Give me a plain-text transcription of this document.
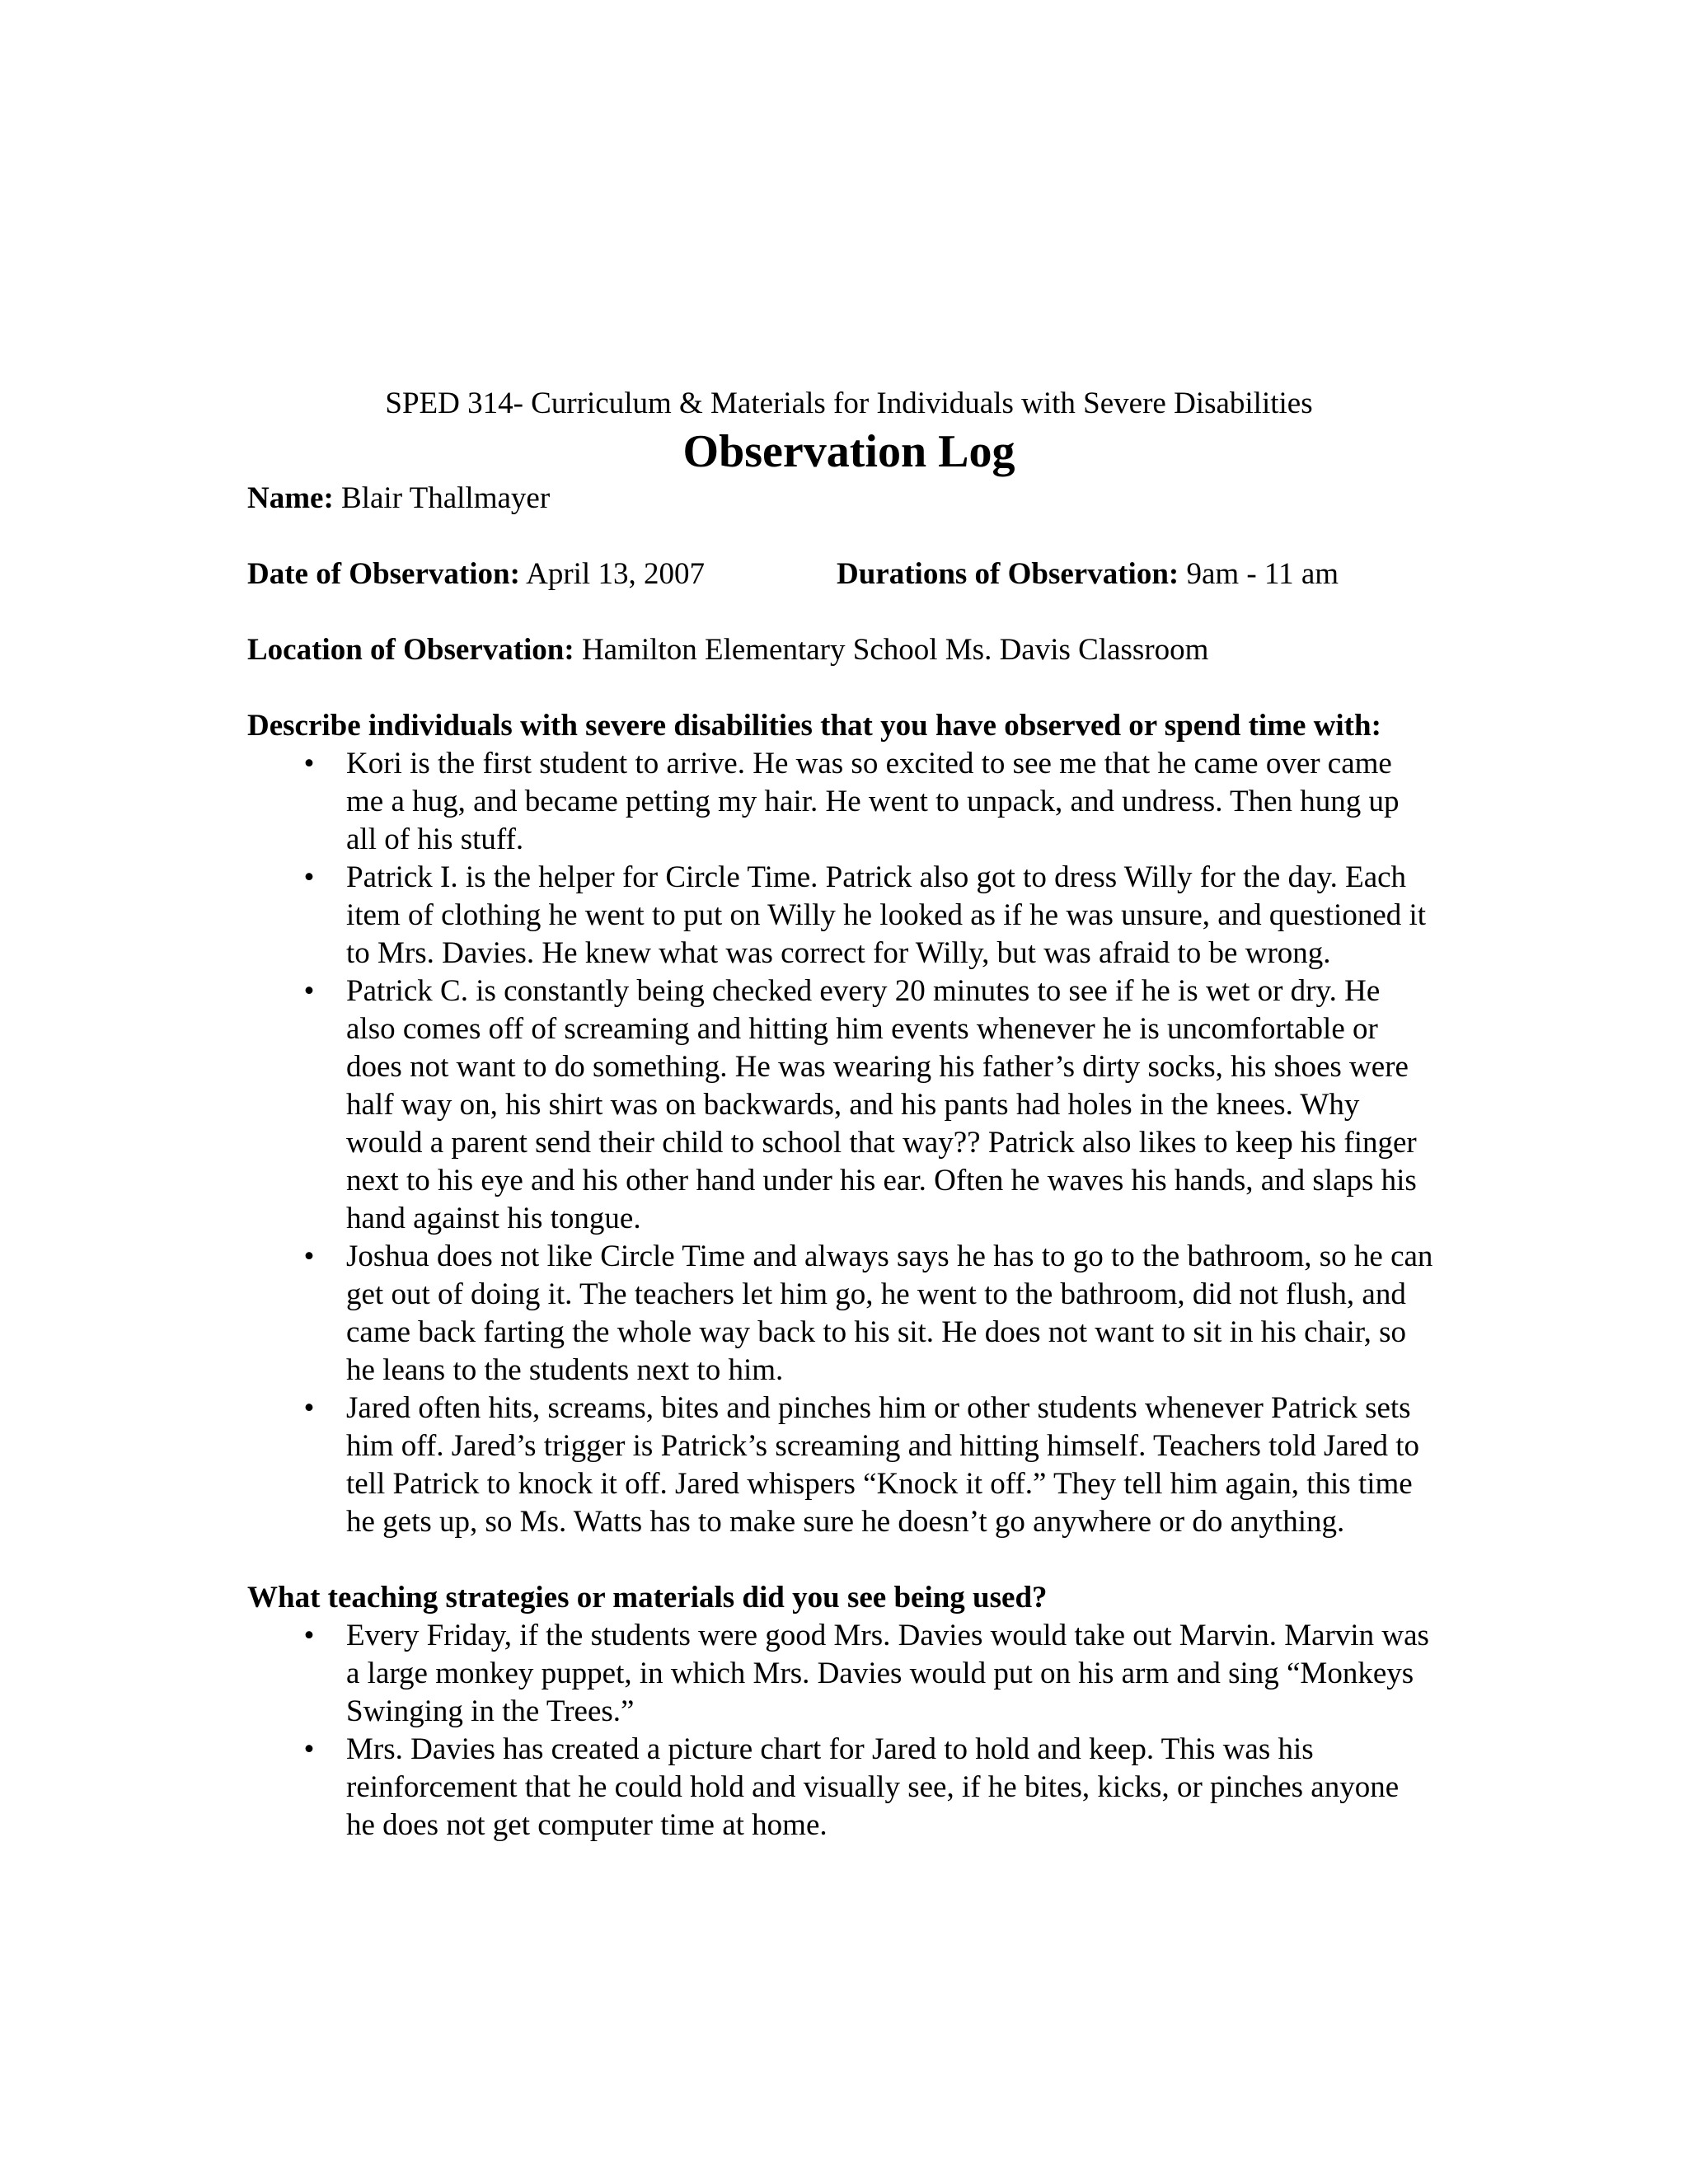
SPED 314- Curriculum & Materials for Individuals with Severe Disabilities

Observation Log

Name: Blair Thallmayer

Date of Observation: April 13, 2007	Durations of Observation: 9am - 11 am

Location of Observation: Hamilton Elementary School Ms. Davis Classroom

Describe individuals with severe disabilities that you have observed or spend time with:

• Kori is the first student to arrive. He was so excited to see me that he came over came me a hug, and became petting my hair. He went to unpack, and undress. Then hung up all of his stuff.
• Patrick I. is the helper for Circle Time. Patrick also got to dress Willy for the day. Each item of clothing he went to put on Willy he looked as if he was unsure, and questioned it to Mrs. Davies. He knew what was correct for Willy, but was afraid to be wrong.
• Patrick C. is constantly being checked every 20 minutes to see if he is wet or dry. He also comes off of screaming and hitting him events whenever he is uncomfortable or does not want to do something. He was wearing his father’s dirty socks, his shoes were half way on, his shirt was on backwards, and his pants had holes in the knees. Why would a parent send their child to school that way?? Patrick also likes to keep his finger next to his eye and his other hand under his ear. Often he waves his hands, and slaps his hand against his tongue.
• Joshua does not like Circle Time and always says he has to go to the bathroom, so he can get out of doing it. The teachers let him go, he went to the bathroom, did not flush, and came back farting the whole way back to his sit. He does not want to sit in his chair, so he leans to the students next to him.
• Jared often hits, screams, bites and pinches him or other students whenever Patrick sets him off. Jared’s trigger is Patrick’s screaming and hitting himself. Teachers told Jared to tell Patrick to knock it off. Jared whispers “Knock it off.” They tell him again, this time he gets up, so Ms. Watts has to make sure he doesn’t go anywhere or do anything.

What teaching strategies or materials did you see being used?

• Every Friday, if the students were good Mrs. Davies would take out Marvin. Marvin was a large monkey puppet, in which Mrs. Davies would put on his arm and sing “Monkeys Swinging in the Trees.”
• Mrs. Davies has created a picture chart for Jared to hold and keep. This was his reinforcement that he could hold and visually see, if he bites, kicks, or pinches anyone he does not get computer time at home.
